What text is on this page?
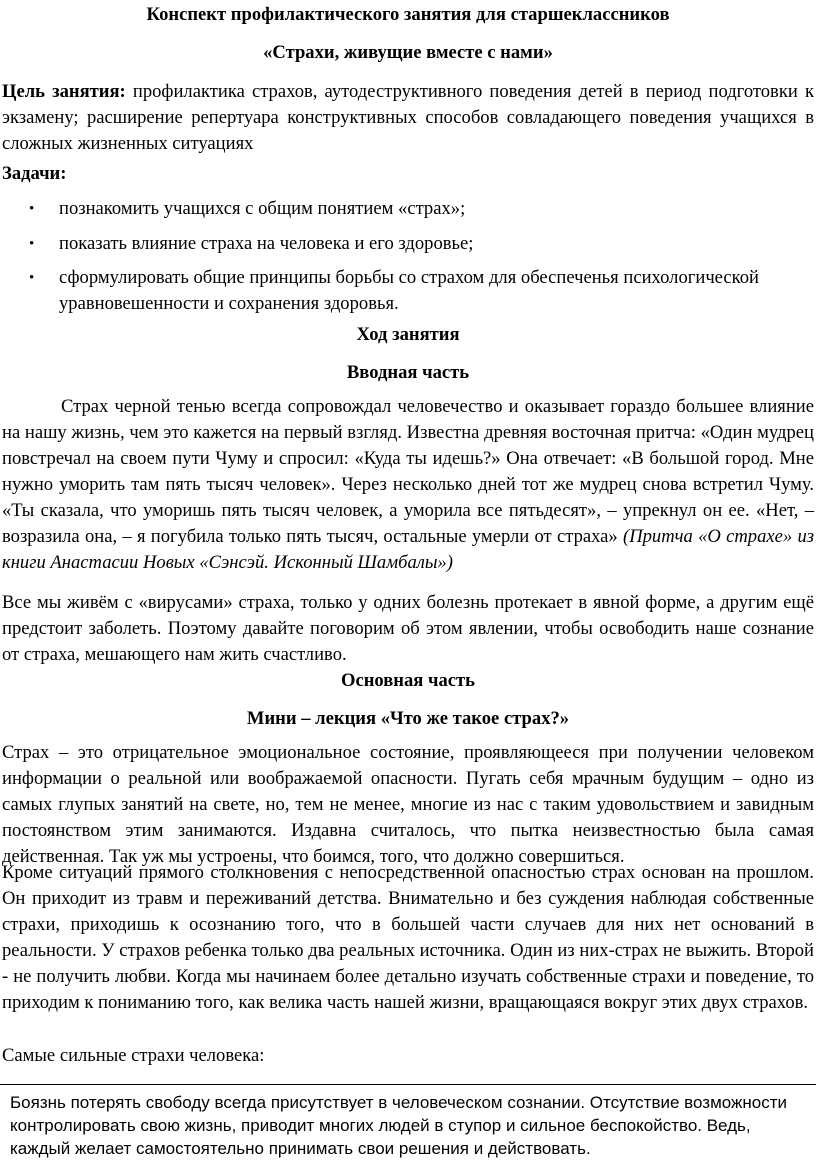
Конспект профилактического занятия для старшеклассников

«Страхи, живущие вместе с нами»

Цель занятия: профилактика страхов, аутодеструктивного поведения детей в период подготовки к экзамену; расширение репертуара конструктивных способов совладающего поведения учащихся в сложных жизненных ситуациях

Задачи:

• познакомить учащихся с общим понятием «страх»;
• показать влияние страха на человека и его здоровье;
• сформулировать общие принципы борьбы со страхом для обеспеченья психологической уравновешенности и сохранения здоровья.

Ход занятия

Вводная часть

Страх черной тенью всегда сопровождал человечество и оказывает гораздо большее влияние на нашу жизнь, чем это кажется на первый взгляд. Известна древняя восточная притча: «Один мудрец повстречал на своем пути Чуму и спросил: «Куда ты идешь?» Она отвечает: «В большой город. Мне нужно уморить там пять тысяч человек». Через несколько дней тот же мудрец снова встретил Чуму. «Ты сказала, что уморишь пять тысяч человек, а уморила все пятьдесят», – упрекнул он ее. «Нет, – возразила она, – я погубила только пять тысяч, остальные умерли от страха» (Притча «О страхе» из книги Анастасии Новых «Сэнсэй. Исконный Шамбалы»)

Все мы живём с «вирусами» страха, только у одних болезнь протекает в явной форме, а другим ещё предстоит заболеть. Поэтому давайте поговорим об этом явлении, чтобы освободить наше сознание от страха, мешающего нам жить счастливо.

Основная часть

Мини – лекция «Что же такое страх?»

Страх – это отрицательное эмоциональное состояние, проявляющееся при получении человеком информации о реальной или воображаемой опасности. Пугать себя мрачным будущим – одно из самых глупых занятий на свете, но, тем не менее, многие из нас с таким удовольствием и завидным постоянством этим занимаются. Издавна считалось, что пытка неизвестностью была самая действенная. Так уж мы устроены, что боимся, того, что должно совершиться.

Кроме ситуаций прямого столкновения с непосредственной опасностью страх основан на прошлом. Он приходит из травм и переживаний детства. Внимательно и без суждения наблюдая собственные страхи, приходишь к осознанию того, что в большей части случаев для них нет оснований в реальности. У страхов ребенка только два реальных источника. Один из них-страх не выжить. Второй - не получить любви. Когда мы начинаем более детально изучать собственные страхи и поведение, то приходим к пониманию того, как велика часть нашей жизни, вращающаяся вокруг этих двух страхов.

Самые сильные страхи человека:

Боязнь потерять свободу всегда присутствует в человеческом сознании. Отсутствие возможности контролировать свою жизнь, приводит многих людей в ступор и сильное беспокойство. Ведь, каждый желает самостоятельно принимать свои решения и действовать.
